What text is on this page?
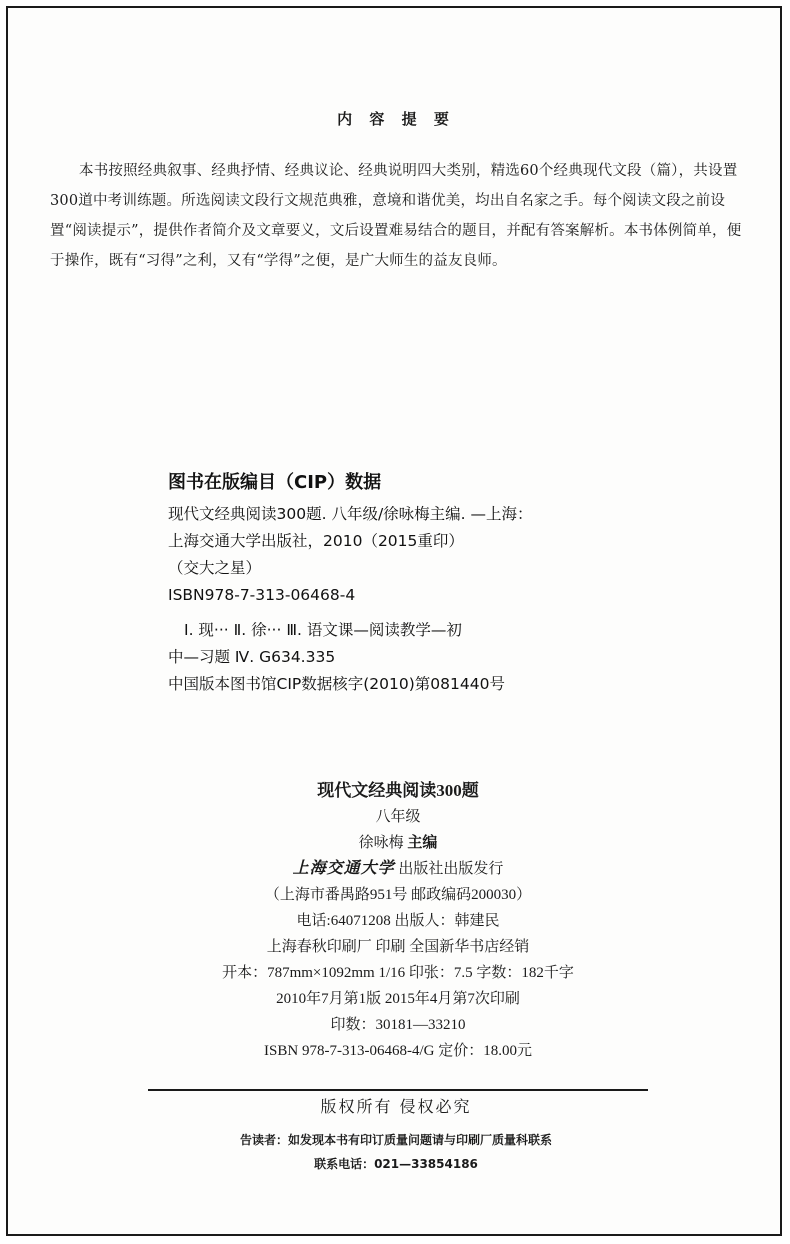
内 容 提 要

本书按照经典叙事、经典抒情、经典议论、经典说明四大类别，精选60个经典现代文段（篇），共设置300道中考训练题。所选阅读文段行文规范典雅，意境和谐优美，均出自名家之手。每个阅读文段之前设置“阅读提示”，提供作者简介及文章要义，文后设置难易结合的题目，并配有答案解析。本书体例简单，便于操作，既有“习得”之利，又有“学得”之便，是广大师生的益友良师。

图书在版编目（CIP）数据
现代文经典阅读300题. 八年级/徐咏梅主编. —上海：
上海交通大学出版社，2010（2015重印）
（交大之星）
ISBN978-7-313-06468-4
Ⅰ. 现··· Ⅱ. 徐··· Ⅲ. 语文课—阅读教学—初
中—习题 Ⅳ. G634.335
中国版本图书馆CIP数据核字(2010)第081440号
现代文经典阅读300题
八年级
徐咏梅 主编
上海交通大学 出版社出版发行
（上海市番禺路951号 邮政编码200030）
电话:64071208 出版人：韩建民
上海春秋印刷厂 印刷 全国新华书店经销
开本：787mm×1092mm 1/16 印张：7.5 字数：182千字
2010年7月第1版 2015年4月第7次印刷
印数：30181—33210
ISBN 978-7-313-06468-4/G 定价：18.00元
版权所有 侵权必究
告读者：如发现本书有印订质量问题请与印刷厂质量科联系
联系电话：021—33854186
